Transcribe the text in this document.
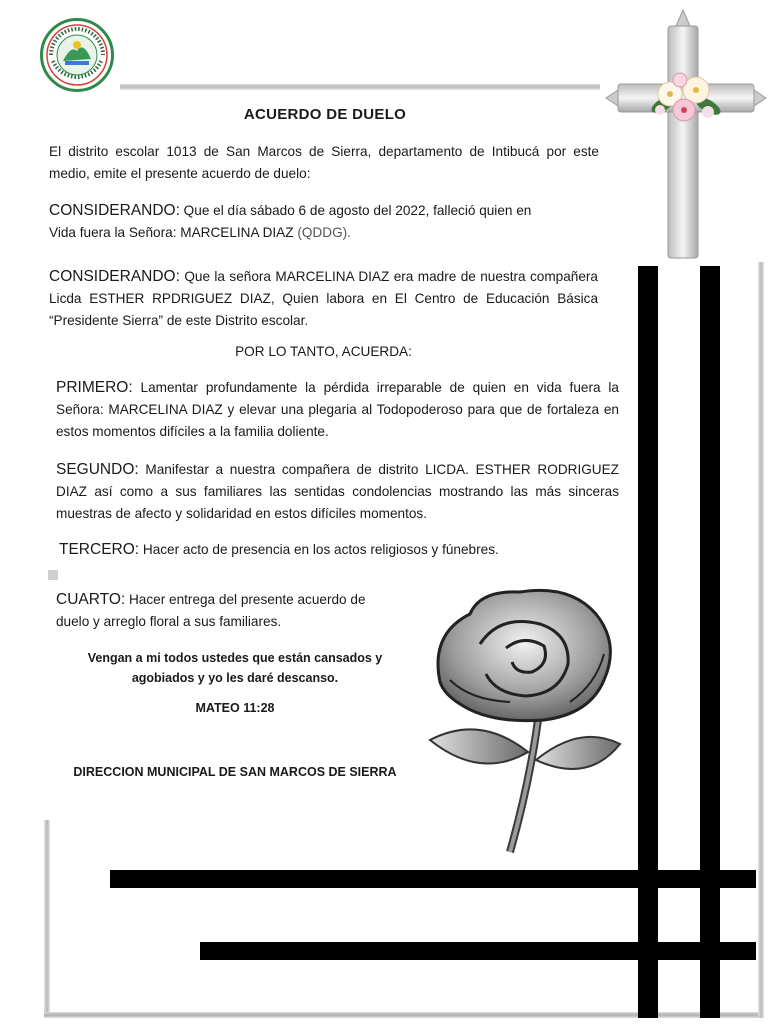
ACUERDO DE DUELO
El distrito escolar 1013 de San Marcos de Sierra, departamento de Intibucá por este medio, emite el presente acuerdo de duelo:
CONSIDERANDO: Que el día sábado 6 de agosto del 2022, falleció quien en
Vida fuera la Señora: MARCELINA DIAZ (QDDG).
CONSIDERANDO: Que la señora MARCELINA DIAZ era madre de nuestra compañera Licda ESTHER RPDRIGUEZ DIAZ, Quien labora en El Centro de Educación Básica “Presidente Sierra” de este Distrito escolar.
POR LO TANTO, ACUERDA:
PRIMERO: Lamentar profundamente la pérdida irreparable de quien en vida fuera la Señora: MARCELINA DIAZ y elevar una plegaria al Todopoderoso para que de fortaleza en estos momentos difíciles a la familia doliente.
SEGUNDO: Manifestar a nuestra compañera de distrito LICDA. ESTHER RODRIGUEZ DIAZ así como a sus familiares las sentidas condolencias mostrando las más sinceras muestras de afecto y solidaridad en estos difíciles momentos.
TERCERO: Hacer acto de presencia en los actos religiosos y fúnebres.
CUARTO: Hacer entrega del presente acuerdo de duelo y arreglo floral a sus familiares.
Vengan a mi todos ustedes que están cansados y agobiados y yo les daré descanso.
MATEO 11:28
DIRECCION MUNICIPAL DE SAN MARCOS DE SIERRA
